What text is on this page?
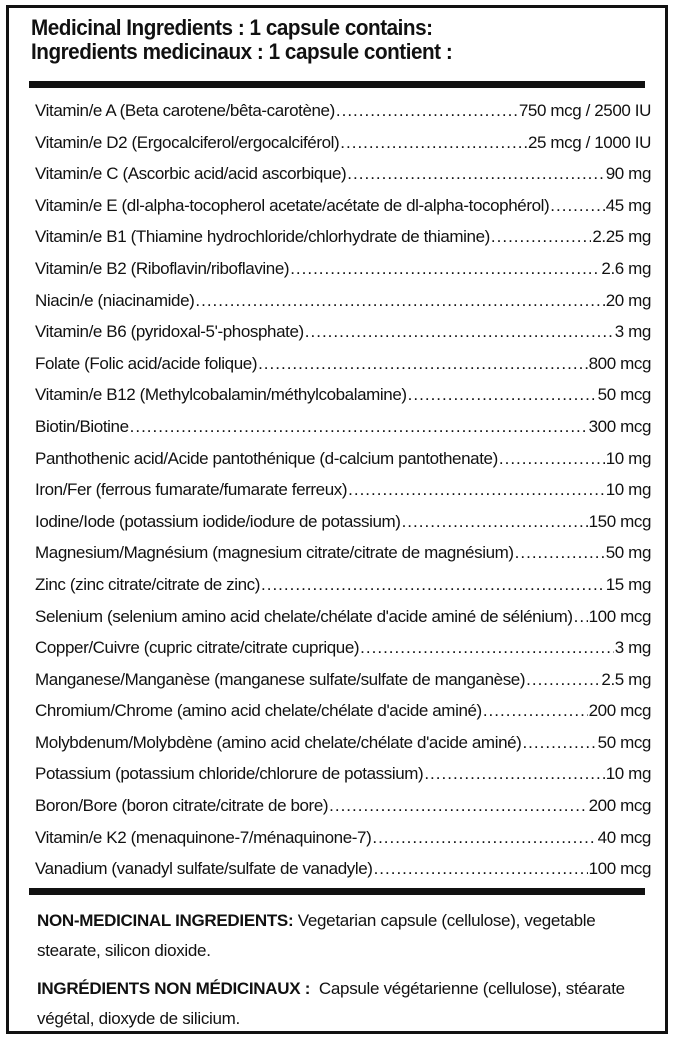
Medicinal Ingredients : 1 capsule contains:
Ingredients medicinaux : 1 capsule contient :
Vitamin/e A (Beta carotene/bêta-carotène) .....	750 mcg / 2500 IU
Vitamin/e D2 (Ergocalciferol/ergocalciférol) .....	25 mcg / 1000 IU
Vitamin/e C (Ascorbic acid/acid ascorbique) .....	90 mg
Vitamin/e E (dl-alpha-tocopherol acetate/acétate de dl-alpha-tocophérol) .....	45 mg
Vitamin/e B1 (Thiamine hydrochloride/chlorhydrate de thiamine) .....	2.25 mg
Vitamin/e B2 (Riboflavin/riboflavine) .....	2.6 mg
Niacin/e (niacinamide) .....	20 mg
Vitamin/e B6 (pyridoxal-5'-phosphate) .....	3 mg
Folate (Folic acid/acide folique) .....	800 mcg
Vitamin/e B12 (Methylcobalamin/méthylcobalamine) .....	50 mcg
Biotin/Biotine .....	300 mcg
Panthothenic acid/Acide pantothénique (d-calcium pantothenate) .....	10 mg
Iron/Fer (ferrous fumarate/fumarate ferreux) .....	10 mg
Iodine/Iode (potassium iodide/iodure de potassium) .....	150 mcg
Magnesium/Magnésium (magnesium citrate/citrate de magnésium) .....	50 mg
Zinc (zinc citrate/citrate de zinc) .....	15 mg
Selenium (selenium amino acid chelate/chélate d'acide aminé de sélénium) ..... 100 mcg
Copper/Cuivre (cupric citrate/citrate cuprique) .....	3 mg
Manganese/Manganèse (manganese sulfate/sulfate de manganèse) .....	2.5 mg
Chromium/Chrome (amino acid chelate/chélate d'acide aminé) .....	200 mcg
Molybdenum/Molybdène (amino acid chelate/chélate d'acide aminé) .....	50 mcg
Potassium (potassium chloride/chlorure de potassium) .....	10 mg
Boron/Bore (boron citrate/citrate de bore) .....	200 mcg
Vitamin/e K2 (menaquinone-7/ménaquinone-7) .....	40 mcg
Vanadium (vanadyl sulfate/sulfate de vanadyle) .....	100 mcg

NON-MEDICINAL INGREDIENTS: Vegetarian capsule (cellulose), vegetable stearate, silicon dioxide.

INGRÉDIENTS NON MÉDICINAUX :  Capsule végétarienne (cellulose), stéarate végétal, dioxyde de silicium.
